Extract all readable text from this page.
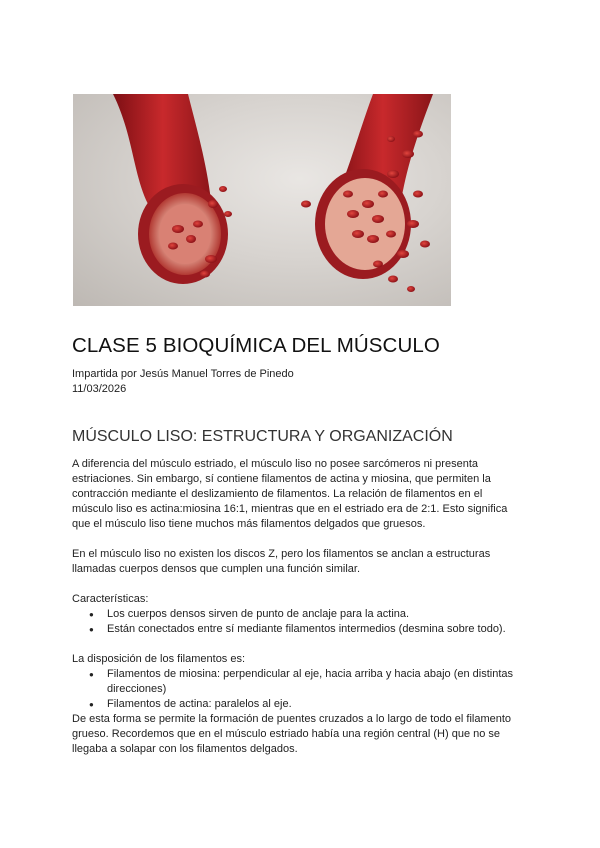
CLASE 5 BIOQUÍMICA DEL MÚSCULO
Impartida por Jesús Manuel Torres de Pinedo
11/03/2026
MÚSCULO LISO: ESTRUCTURA Y ORGANIZACIÓN

A diferencia del músculo estriado, el músculo liso no posee sarcómeros ni presenta estriaciones. Sin embargo, sí contiene filamentos de actina y miosina, que permiten la contracción mediante el deslizamiento de filamentos. La relación de filamentos en el músculo liso es actina:miosina 16:1, mientras que en el estriado era de 2:1. Esto significa que el músculo liso tiene muchos más filamentos delgados que gruesos.

En el músculo liso no existen los discos Z, pero los filamentos se anclan a estructuras llamadas cuerpos densos que cumplen una función similar.

Características:

● Los cuerpos densos sirven de punto de anclaje para la actina.
● Están conectados entre sí mediante filamentos intermedios (desmina sobre todo).

La disposición de los filamentos es:

● Filamentos de miosina: perpendicular al eje, hacia arriba y hacia abajo (en distintas direcciones)
● Filamentos de actina: paralelos al eje.

De esta forma se permite la formación de puentes cruzados a lo largo de todo el filamento grueso. Recordemos que en el músculo estriado había una región central (H) que no se llegaba a solapar con los filamentos delgados.
